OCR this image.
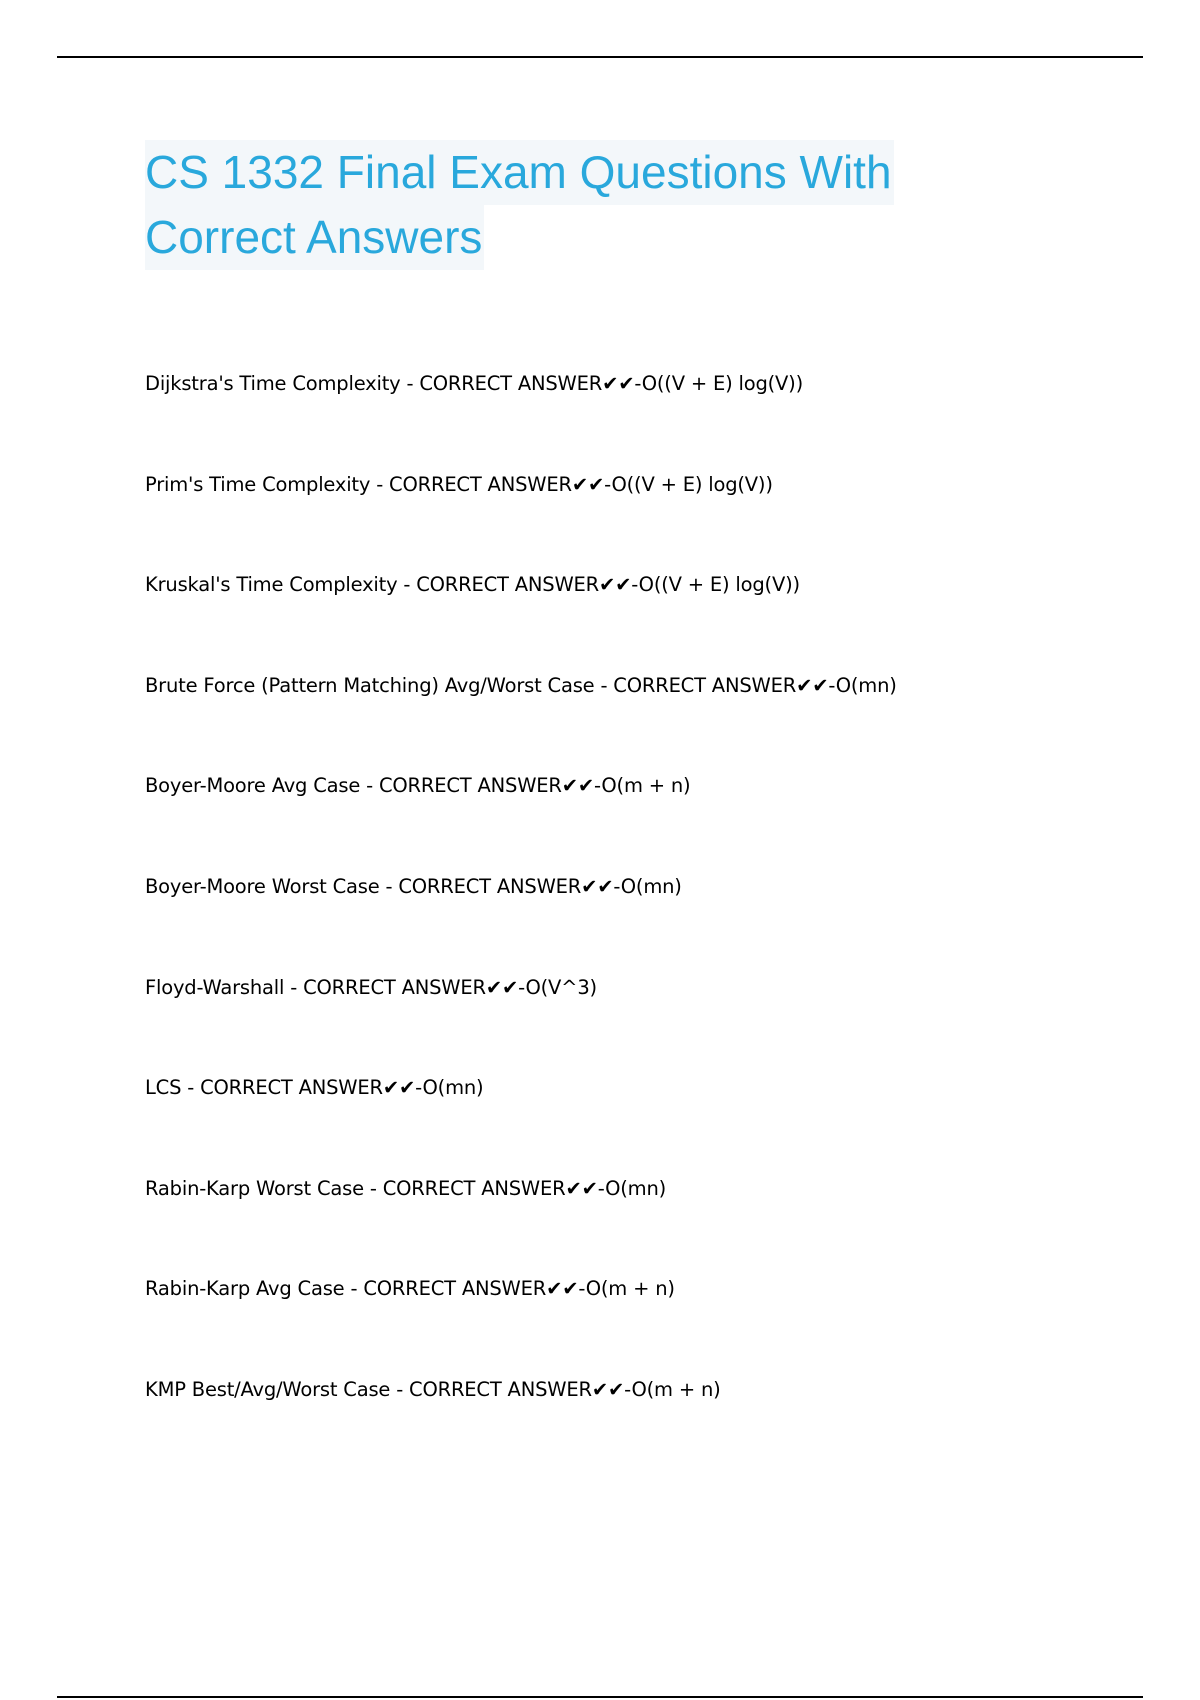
CS 1332 Final Exam Questions With
Correct Answers
Dijkstra's Time Complexity - CORRECT ANSWER✔✔-O((V + E) log(V))
Prim's Time Complexity - CORRECT ANSWER✔✔-O((V + E) log(V))
Kruskal's Time Complexity - CORRECT ANSWER✔✔-O((V + E) log(V))
Brute Force (Pattern Matching) Avg/Worst Case - CORRECT ANSWER✔✔-O(mn)
Boyer-Moore Avg Case - CORRECT ANSWER✔✔-O(m + n)
Boyer-Moore Worst Case - CORRECT ANSWER✔✔-O(mn)
Floyd-Warshall - CORRECT ANSWER✔✔-O(V^3)
LCS - CORRECT ANSWER✔✔-O(mn)
Rabin-Karp Worst Case - CORRECT ANSWER✔✔-O(mn)
Rabin-Karp Avg Case - CORRECT ANSWER✔✔-O(m + n)
KMP Best/Avg/Worst Case - CORRECT ANSWER✔✔-O(m + n)
